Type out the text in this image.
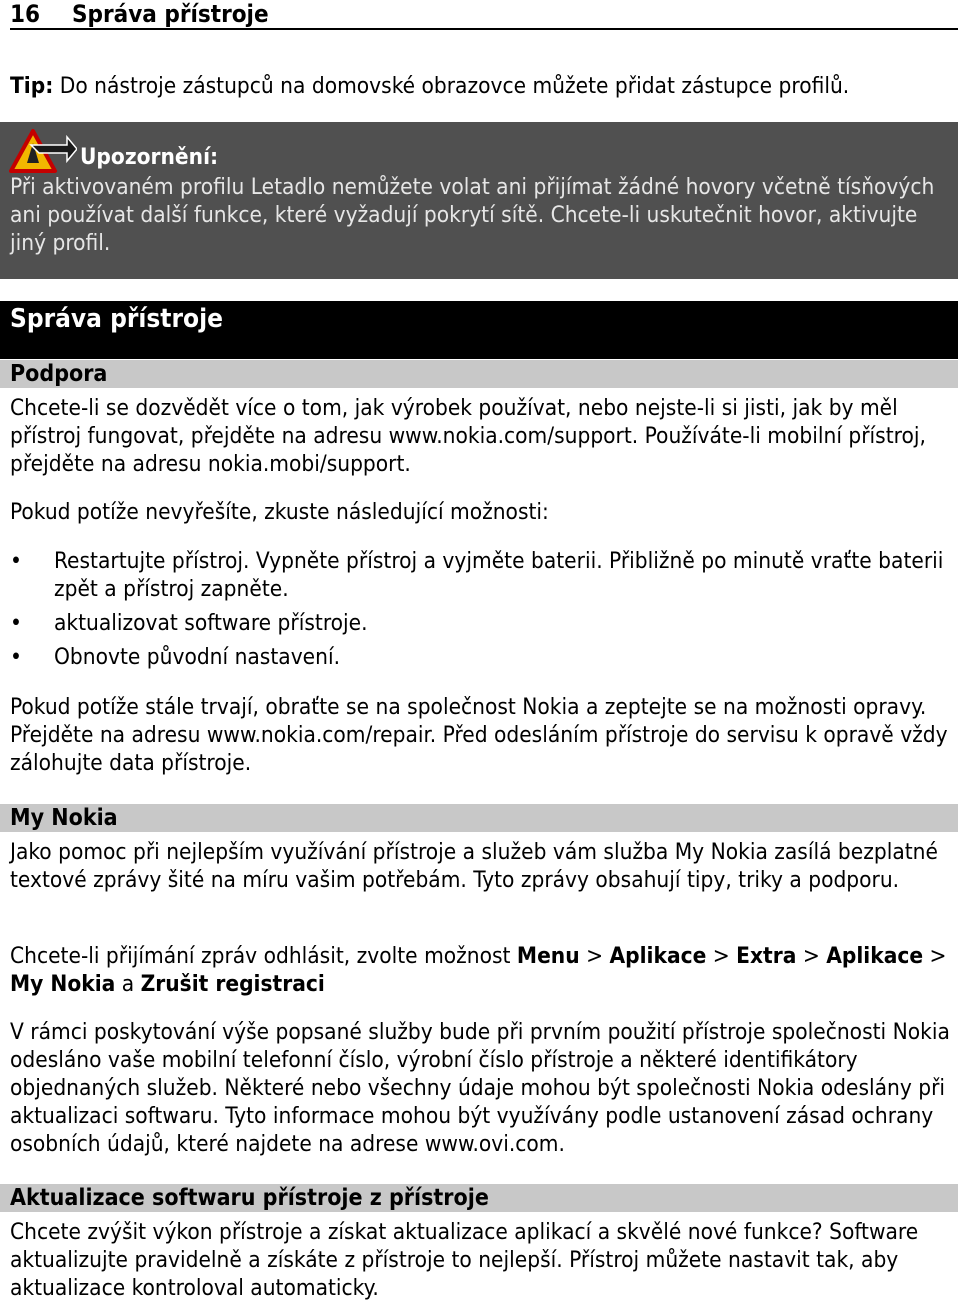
16 Správa přístroje
Tip: Do nástroje zástupců na domovské obrazovce můžete přidat zástupce profilů.
Upozornění:
Při aktivovaném profilu Letadlo nemůžete volat ani přijímat žádné hovory včetně tísňových ani používat další funkce, které vyžadují pokrytí sítě. Chcete-li uskutečnit hovor, aktivujte jiný profil.
Správa přístroje
Podpora
Chcete-li se dozvědět více o tom, jak výrobek používat, nebo nejste-li si jisti, jak by měl přístroj fungovat, přejděte na adresu www.nokia.com/support. Používáte-li mobilní přístroj, přejděte na adresu nokia.mobi/support.
Pokud potíže nevyřešíte, zkuste následující možnosti:
• Restartujte přístroj. Vypněte přístroj a vyjměte baterii. Přibližně po minutě vraťte baterii zpět a přístroj zapněte.
• aktualizovat software přístroje.
• Obnovte původní nastavení.
Pokud potíže stále trvají, obraťte se na společnost Nokia a zeptejte se na možnosti opravy. Přejděte na adresu www.nokia.com/repair. Před odesláním přístroje do servisu k opravě vždy zálohujte data přístroje.
My Nokia
Jako pomoc při nejlepším využívání přístroje a služeb vám služba My Nokia zasílá bezplatné textové zprávy šité na míru vašim potřebám. Tyto zprávy obsahují tipy, triky a podporu.
Chcete-li přijímání zpráv odhlásit, zvolte možnost Menu > Aplikace > Extra > Aplikace > My Nokia a Zrušit registraci
V rámci poskytování výše popsané služby bude při prvním použití přístroje společnosti Nokia odesláno vaše mobilní telefonní číslo, výrobní číslo přístroje a některé identifikátory objednaných služeb. Některé nebo všechny údaje mohou být společnosti Nokia odeslány při aktualizaci softwaru. Tyto informace mohou být využívány podle ustanovení zásad ochrany osobních údajů, které najdete na adrese www.ovi.com.
Aktualizace softwaru přístroje z přístroje
Chcete zvýšit výkon přístroje a získat aktualizace aplikací a skvělé nové funkce? Software aktualizujte pravidelně a získáte z přístroje to nejlepší. Přístroj můžete nastavit tak, aby aktualizace kontroloval automaticky.
